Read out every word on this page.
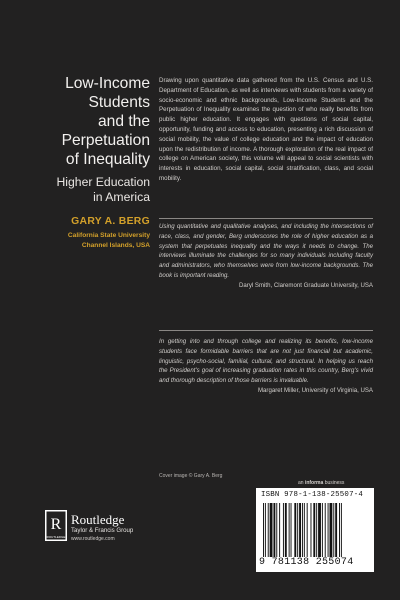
Low-Income
Students
and the
Perpetuation
of Inequality
Higher Education
in America
GARY A. BERG
California State University
Channel Islands, USA

Drawing upon quantitative data gathered from the U.S. Census and U.S. Department of Education, as well as interviews with students from a variety of socio-economic and ethnic backgrounds, Low-Income Students and the Perpetuation of Inequality examines the question of who really benefits from public higher education. It engages with questions of social capital, opportunity, funding and access to education, presenting a rich discussion of social mobility, the value of college education and the impact of education upon the redistribution of income. A thorough exploration of the real impact of college on American society, this volume will appeal to social scientists with interests in education, social capital, social stratification, class, and social mobility.

Using quantitative and qualitative analyses, and including the intersections of race, class, and gender, Berg underscores the role of higher education as a system that perpetuates inequality and the ways it needs to change. The interviews illuminate the challenges for so many individuals including faculty and administrators, who themselves were from low-income backgrounds. The book is important reading.

Daryl Smith, Claremont Graduate University, USA

In getting into and through college and realizing its benefits, low-income students face formidable barriers that are not just financial but academic, linguistic, psycho-social, familial, cultural, and structural. In helping us reach the President's goal of increasing graduation rates in this country, Berg's vivid and thorough description of those barriers is invaluable.

Margaret Miller, University of Virginia, USA

Cover image © Gary A. Berg
R
ROUTLEDGE
Routledge
Taylor & Francis Group
www.routledge.com
an informa business
ISBN 978-1-138-25507-4
9 781138 255074
